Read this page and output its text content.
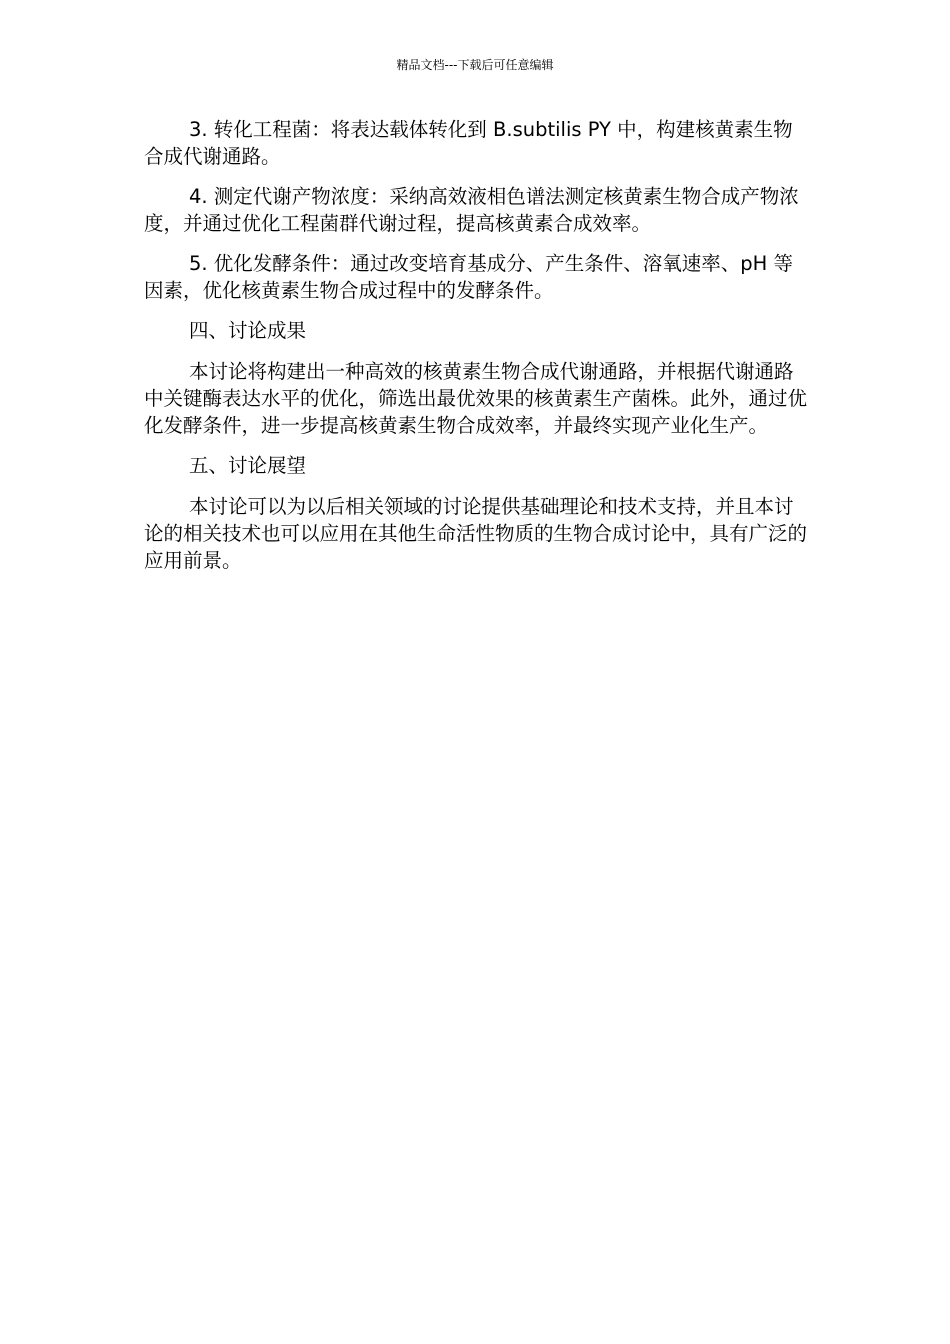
精品文档---下载后可任意编辑

3. 转化工程菌：将表达载体转化到 B.subtilis PY 中，构建核黄素生物合成代谢通路。

4. 测定代谢产物浓度：采纳高效液相色谱法测定核黄素生物合成产物浓度，并通过优化工程菌群代谢过程，提高核黄素合成效率。

5. 优化发酵条件：通过改变培育基成分、产生条件、溶氧速率、pH 等因素，优化核黄素生物合成过程中的发酵条件。

四、讨论成果

本讨论将构建出一种高效的核黄素生物合成代谢通路，并根据代谢通路中关键酶表达水平的优化，筛选出最优效果的核黄素生产菌株。此外，通过优化发酵条件，进一步提高核黄素生物合成效率，并最终实现产业化生产。

五、讨论展望

本讨论可以为以后相关领域的讨论提供基础理论和技术支持，并且本讨论的相关技术也可以应用在其他生命活性物质的生物合成讨论中，具有广泛的应用前景。
